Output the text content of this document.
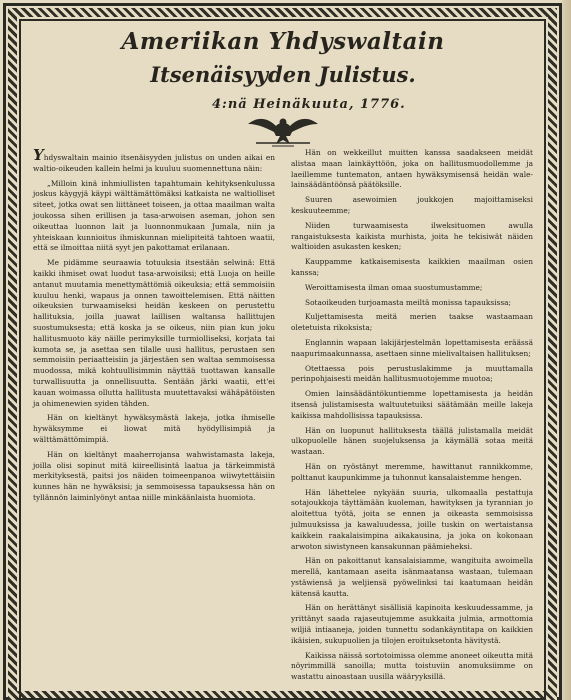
Ameriikan Yhdyswaltain
Itsenäisyyden Julistus.
4:nä Heinäkuuta, 1776.

Yhdyswaltain mainio itsenäisyyden julistus on unden aikai en waltio-oikeuden kallein helmi ja kuuluu suomennettuna näin:

„Milloin kinä inhmiullisten tapahtumain kehityksenkulussa joskus käygyjä käypi wälttämättömäksi katkaista ne waltiolliset siteet, jotka owat sen liittäneet toiseen, ja ottaa maailman walta joukossa sihen erillisen ja tasa-arwoisen aseman, johon sen oikeuttaa luonnon lait ja luonnonmukaan Jumala, niin ja yhteiskaan kunnioitus ihmiskunnan mielipiteitä tahtoen waatii, että se ilmoittaa niitä syyt jen pakottamat erilanaan.

Me pidämme seuraawia totuuksia itsestään selwinä: Että kaikki ihmiset owat luodut tasa-arwoisiksi; että Luoja on heille antanut muutamia menettymättömiä oikeuksia; että semmoisiin kuuluu henki, wapaus ja onnen tawoittelemisen. Että näitten oikeuksien turwaamiseksi heidän keskeen on perustettu hallituksia, joilla juawat laillisen waltansa hallittujen suostumuksesta; että koska ja se oikeus, niin pian kun joku hallitusmuoto käy näille perimyksille turmiolliseksi, korjata tai kumota se, ja asettaa sen tilalle uusi hallitus, perustaen sen semmoisiin periaatteisiin ja järjestäen sen waltaa semmoisessa muodossa, mikä kohtuullisimmin näyttää tuottawan kansalle turwallisuutta ja onnellisuutta. Sentään järki waatii, ett'ei kauan woimassa ollutta hallitusta muutettavaksi wähäpätöisten ja ohimenewien syiden tähden.

Hän on kieltänyt hywäksymästä lakeja, jotka ihmiselle hywäksymme ei liowat mitä hyödyllisimpiä ja wälttämättömimpiä.

Hän on kieltänyt maaherrojansa wahwistamasta lakeja, joilla olisi sopinut mitä kiireellisintä laatua ja tärkeimmistä merkityksestä, paitsi jos näiden toimeenpanoa wiiwytettäisiin kunnes hän ne hywäksisi; ja semmoisessa tapauksessa hän on tyllännön laiminlyönyt antaa niille minkäänlaista huomiota.

Hän on wekkeillut muitten kanssa saadakseen meidät alistaa maan lainkäyttöön, joka on hallitusmuodollemme ja laeillemme tuntematon, antaen hywäksymisensä heidän wale-lainsäädäntöönsä päätöksille.

Suuren asewoimien joukkojen majoittamiseksi keskuuteemme;

Niiden turwaamisesta ilweksituomen awulla rangaistuksesta kaikista murhista, joita he tekisiwät näiden waltioiden asukasten kesken;

Kauppamme katkaisemisesta kaikkien maailman osien kanssa;

Weroittamisesta ilman omaa suostumustamme;

Sotaoikeuden turjoamasta meiltä monissa tapauksissa;

Kuljettamisesta meitä merien taakse wastaamaan oletetuista rikoksista;

Englannin wapaan lakijärjestelmän lopettamisesta eräässä naapurimaakunnassa, asettaen sinne mielivaltaisen hallituksen;

Otettaessa pois perustuslakimme ja muuttamalla perinpohjaisesti meidän hallitusmuotojemme muotoa;

Omien lainsäädäntökuntiemme lopettamisesta ja heidän itsensä julistamisesta waltuutetuiksi säätämään meille lakeja kaikissa mahdollisissa tapauksissa.

Hän on luopunut hallituksesta täällä julistamalla meidät ulkopuolelle hänen suojeluksensa ja käymällä sotaa meitä wastaan.

Hän on ryöstänyt meremme, hawittanut rannikkomme, polttanut kaupunkimme ja tuhonnut kansalaistemme hengen.

Hän lähettelee nykyään suuria, ulkomaalla pestattuja sotajoukkoja täyttämään kuoleman, hawityksen ja tyrannian jo aloitettua työtä, joita se ennen ja oikeasta semmoisissa julmuuksissa ja kawaluudessa, joille tuskin on wertaistansa kaikkein raakalaisimpina aikakausina, ja joka on kokonaan arwoton siwistyneen kansakunnan päämieheksi.

Hän on pakoittanut kansalaisiamme, wangituita awoimella merellä, kantamaan aseita isänmaatansa wastaan, tulemaan ystäwiensä ja weljiensä pyöwelinksi tai kaatumaan heidän kätensä kautta.

Hän on herättänyt sisällisiä kapinoita keskuudessamme, ja yrittänyt saada rajaseutujemme asukkaita julmia, armottomia wiljiä intiaaneja, joiden tunnettu sodankäyntitapa on kaikkien ikäisien, sukupuolien ja tilojen eroituksetonta hävitystä.

Kaikissa näissä sortotoimissa olemme anoneet oikeutta mitä nöyrimmillä sanoilla; mutta toistuviin anomuksiimme on wastattu ainoastaan uusilla wääryyksillä.
